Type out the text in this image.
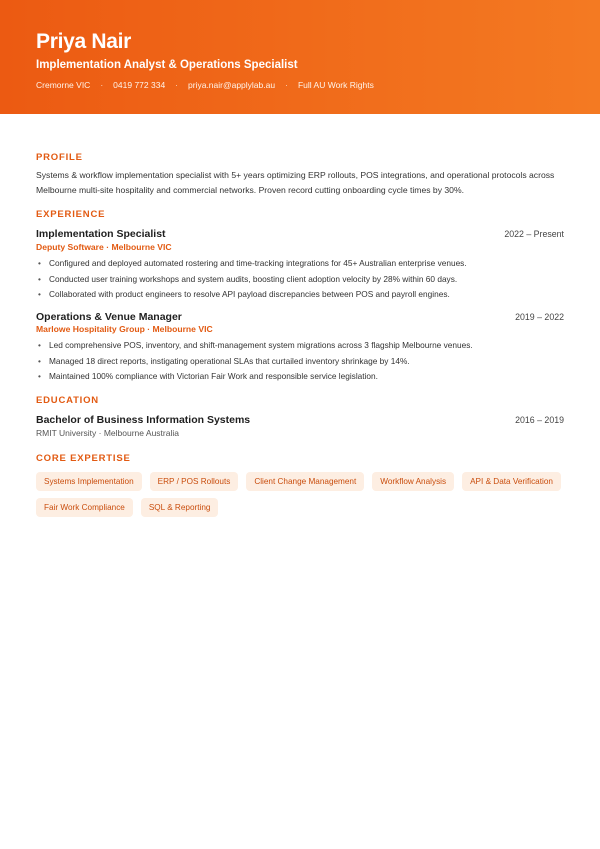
Priya Nair
Implementation Analyst & Operations Specialist
Cremorne VIC · 0419 772 334 · priya.nair@applylab.au · Full AU Work Rights
PROFILE
Systems & workflow implementation specialist with 5+ years optimizing ERP rollouts, POS integrations, and operational protocols across Melbourne multi-site hospitality and commercial networks. Proven record cutting onboarding cycle times by 30%.
EXPERIENCE
Implementation Specialist	2022 – Present
Deputy Software · Melbourne VIC
• Configured and deployed automated rostering and time-tracking integrations for 45+ Australian enterprise venues.
• Conducted user training workshops and system audits, boosting client adoption velocity by 28% within 60 days.
• Collaborated with product engineers to resolve API payload discrepancies between POS and payroll engines.
Operations & Venue Manager	2019 – 2022
Marlowe Hospitality Group · Melbourne VIC
• Led comprehensive POS, inventory, and shift-management system migrations across 3 flagship Melbourne venues.
• Managed 18 direct reports, instigating operational SLAs that curtailed inventory shrinkage by 14%.
• Maintained 100% compliance with Victorian Fair Work and responsible service legislation.
EDUCATION
Bachelor of Business Information Systems	2016 – 2019
RMIT University · Melbourne Australia
CORE EXPERTISE
Systems Implementation	ERP / POS Rollouts	Client Change Management	Workflow Analysis	API & Data Verification
Fair Work Compliance	SQL & Reporting
